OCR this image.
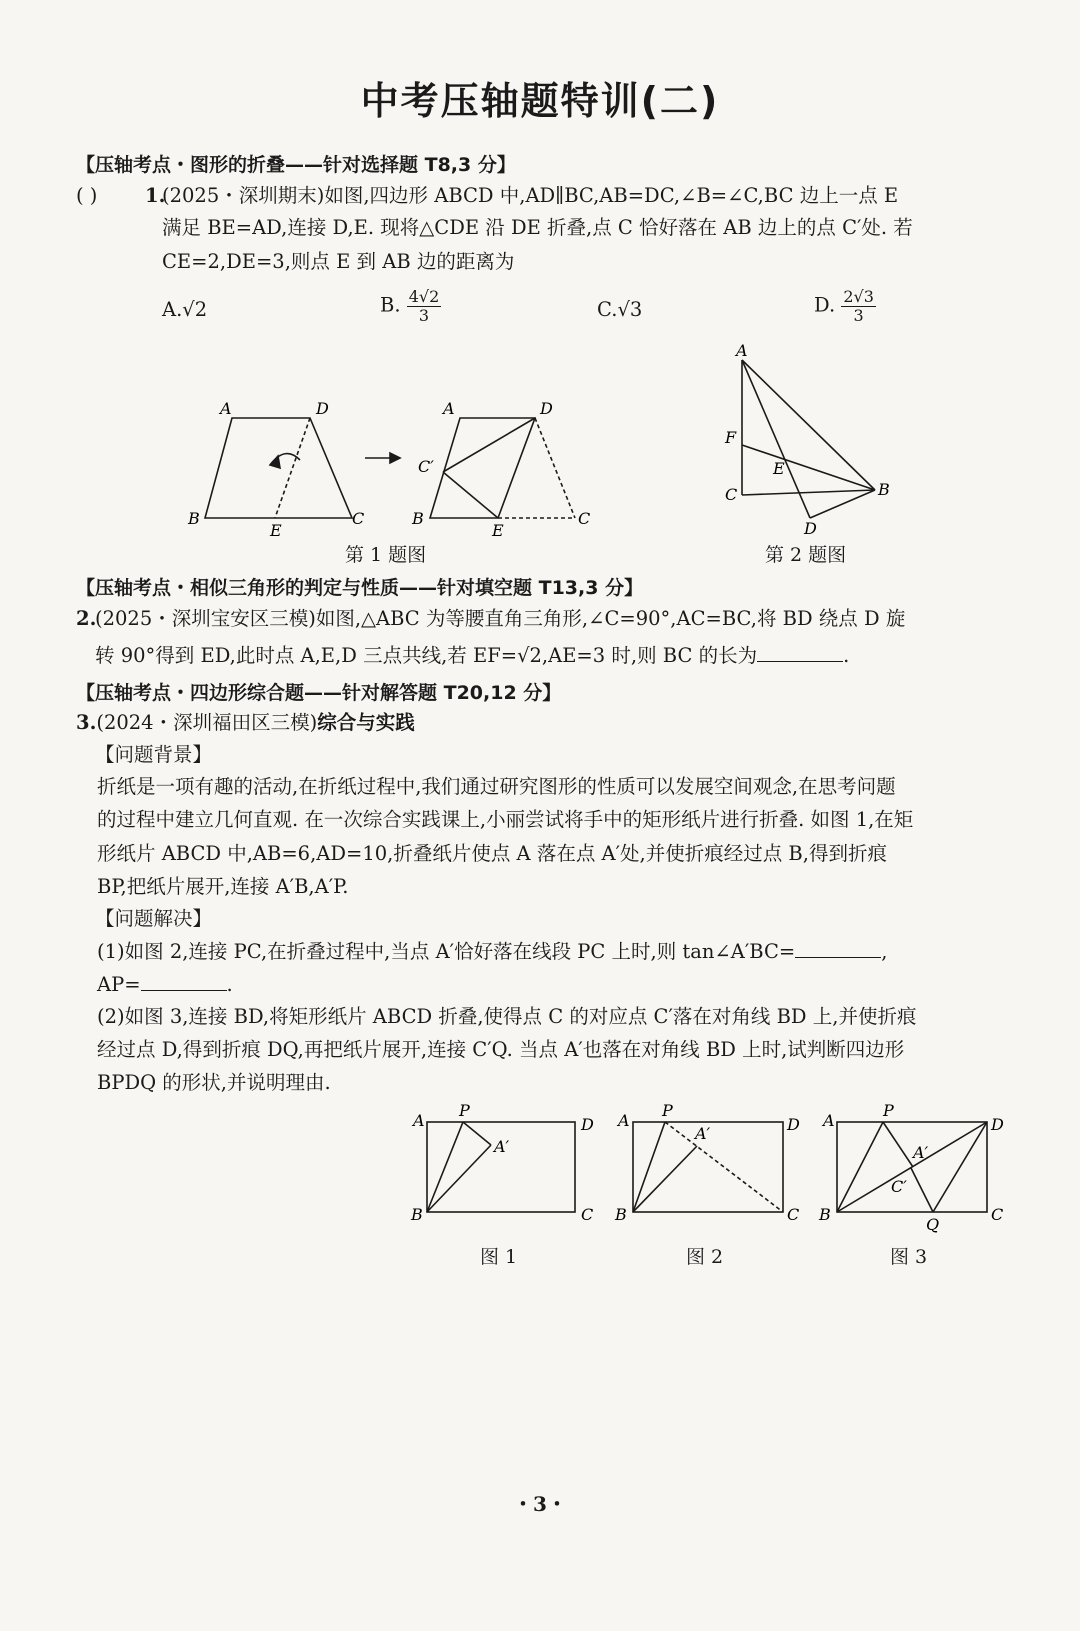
中考压轴题特训(二)
【压轴考点・图形的折叠——针对选择题 T8,3 分】
( ) 1.
(2025・深圳期末)如图,四边形 ABCD 中,AD∥BC,AB=DC,∠B=∠C,BC 边上一点 E
满足 BE=AD,连接 D,E. 现将△CDE 沿 DE 折叠,点 C 恰好落在 AB 边上的点 C′处. 若
CE=2,DE=3,则点 E 到 AB 边的距离为
A.√2	B. $\frac{4√2}{3}$	C.√3	D. $\frac{2√3}{3}$
A	D
B	C
E
A	D
C′
B
E
C
第 1 题图
A
F
E
C	B
D
第 2 题图
【压轴考点・相似三角形的判定与性质——针对填空题 T13,3 分】
2.
(2025・深圳宝安区三模)如图,△ABC 为等腰直角三角形,∠C=90°,AC=BC,将 BD 绕点 D 旋
转 90°得到 ED,此时点 A,E,D 三点共线,若 EF=√2,AE=3 时,则 BC 的长为	.
【压轴考点・四边形综合题——针对解答题 T20,12 分】
3.(2024・深圳福田区三模)综合与实践
【问题背景】
折纸是一项有趣的活动,在折纸过程中,我们通过研究图形的性质可以发展空间观念,在思考问题
的过程中建立几何直观. 在一次综合实践课上,小丽尝试将手中的矩形纸片进行折叠. 如图 1,在矩
形纸片 ABCD 中,AB=6,AD=10,折叠纸片使点 A 落在点 A′处,并使折痕经过点 B,得到折痕
BP,把纸片展开,连接 A′B,A′P.
【问题解决】
(1)如图 2,连接 PC,在折叠过程中,当点 A′恰好落在线段 PC 上时,则 tan∠A′BC=	,
AP=	.
(2)如图 3,连接 BD,将矩形纸片 ABCD 折叠,使得点 C 的对应点 C′落在对角线 BD 上,并使折痕
经过点 D,得到折痕 DQ,再把纸片展开,连接 C′Q. 当点 A′也落在对角线 BD 上时,试判断四边形
BPDQ 的形状,并说明理由.
A
P
D
A′
B	C
A
P
D
A′
B	C
A
P
D
A′
C′
B
Q
C
图 1	图 2	图 3
・3・
